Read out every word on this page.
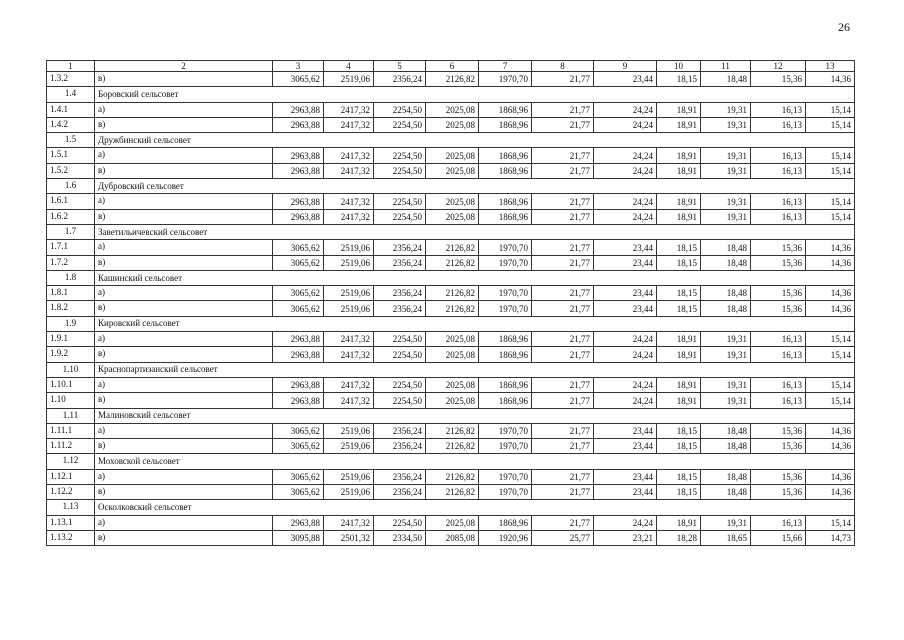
26
1	2	3	4	5	6	7	8	9	10	11	12	13
1.3.2	в)	3065,62	2519,06	2356,24	2126,82	1970,70	21,77	23,44	18,15	18,48	15,36	14,36
1.4	Боровский сельсовет											
1.4.1	а)	2963,88	2417,32	2254,50	2025,08	1868,96	21,77	24,24	18,91	19,31	16,13	15,14
1.4.2	в)	2963,88	2417,32	2254,50	2025,08	1868,96	21,77	24,24	18,91	19,31	16,13	15,14
1.5	Дружбинский сельсовет											
1.5.1	а)	2963,88	2417,32	2254,50	2025,08	1868,96	21,77	24,24	18,91	19,31	16,13	15,14
1.5.2	в)	2963,88	2417,32	2254,50	2025,08	1868,96	21,77	24,24	18,91	19,31	16,13	15,14
1.6	Дубровский сельсовет											
1.6.1	а)	2963,88	2417,32	2254,50	2025,08	1868,96	21,77	24,24	18,91	19,31	16,13	15,14
1.6.2	в)	2963,88	2417,32	2254,50	2025,08	1868,96	21,77	24,24	18,91	19,31	16,13	15,14
1.7	Заветильичевский сельсовет											
1.7.1	а)	3065,62	2519,06	2356,24	2126,82	1970,70	21,77	23,44	18,15	18,48	15,36	14,36
1.7.2	в)	3065,62	2519,06	2356,24	2126,82	1970,70	21,77	23,44	18,15	18,48	15,36	14,36
1.8	Кашинский сельсовет											
1.8.1	а)	3065,62	2519,06	2356,24	2126,82	1970,70	21,77	23,44	18,15	18,48	15,36	14,36
1.8.2	в)	3065,62	2519,06	2356,24	2126,82	1970,70	21,77	23,44	18,15	18,48	15,36	14,36
1.9	Кировский сельсовет											
1.9.1	а)	2963,88	2417,32	2254,50	2025,08	1868,96	21,77	24,24	18,91	19,31	16,13	15,14
1.9.2	в)	2963,88	2417,32	2254,50	2025,08	1868,96	21,77	24,24	18,91	19,31	16,13	15,14
1.10	Краснопартизанский сельсовет											
1.10.1	а)	2963,88	2417,32	2254,50	2025,08	1868,96	21,77	24,24	18,91	19,31	16,13	15,14
1.10	в)	2963,88	2417,32	2254,50	2025,08	1868,96	21,77	24,24	18,91	19,31	16,13	15,14
1.11	Малиновский сельсовет											
1.11.1	а)	3065,62	2519,06	2356,24	2126,82	1970,70	21,77	23,44	18,15	18,48	15,36	14,36
1.11.2	в)	3065,62	2519,06	2356,24	2126,82	1970,70	21,77	23,44	18,15	18,48	15,36	14,36
1.12	Моховской сельсовет											
1.12.1	а)	3065,62	2519,06	2356,24	2126,82	1970,70	21,77	23,44	18,15	18,48	15,36	14,36
1.12.2	в)	3065,62	2519,06	2356,24	2126,82	1970,70	21,77	23,44	18,15	18,48	15,36	14,36
1.13	Осколковский сельсовет											
1.13.1	а)	2963,88	2417,32	2254,50	2025,08	1868,96	21,77	24,24	18,91	19,31	16,13	15,14
1.13.2	в)	3095,88	2501,32	2334,50	2085,08	1920,96	25,77	23,21	18,28	18,65	15,66	14,73
